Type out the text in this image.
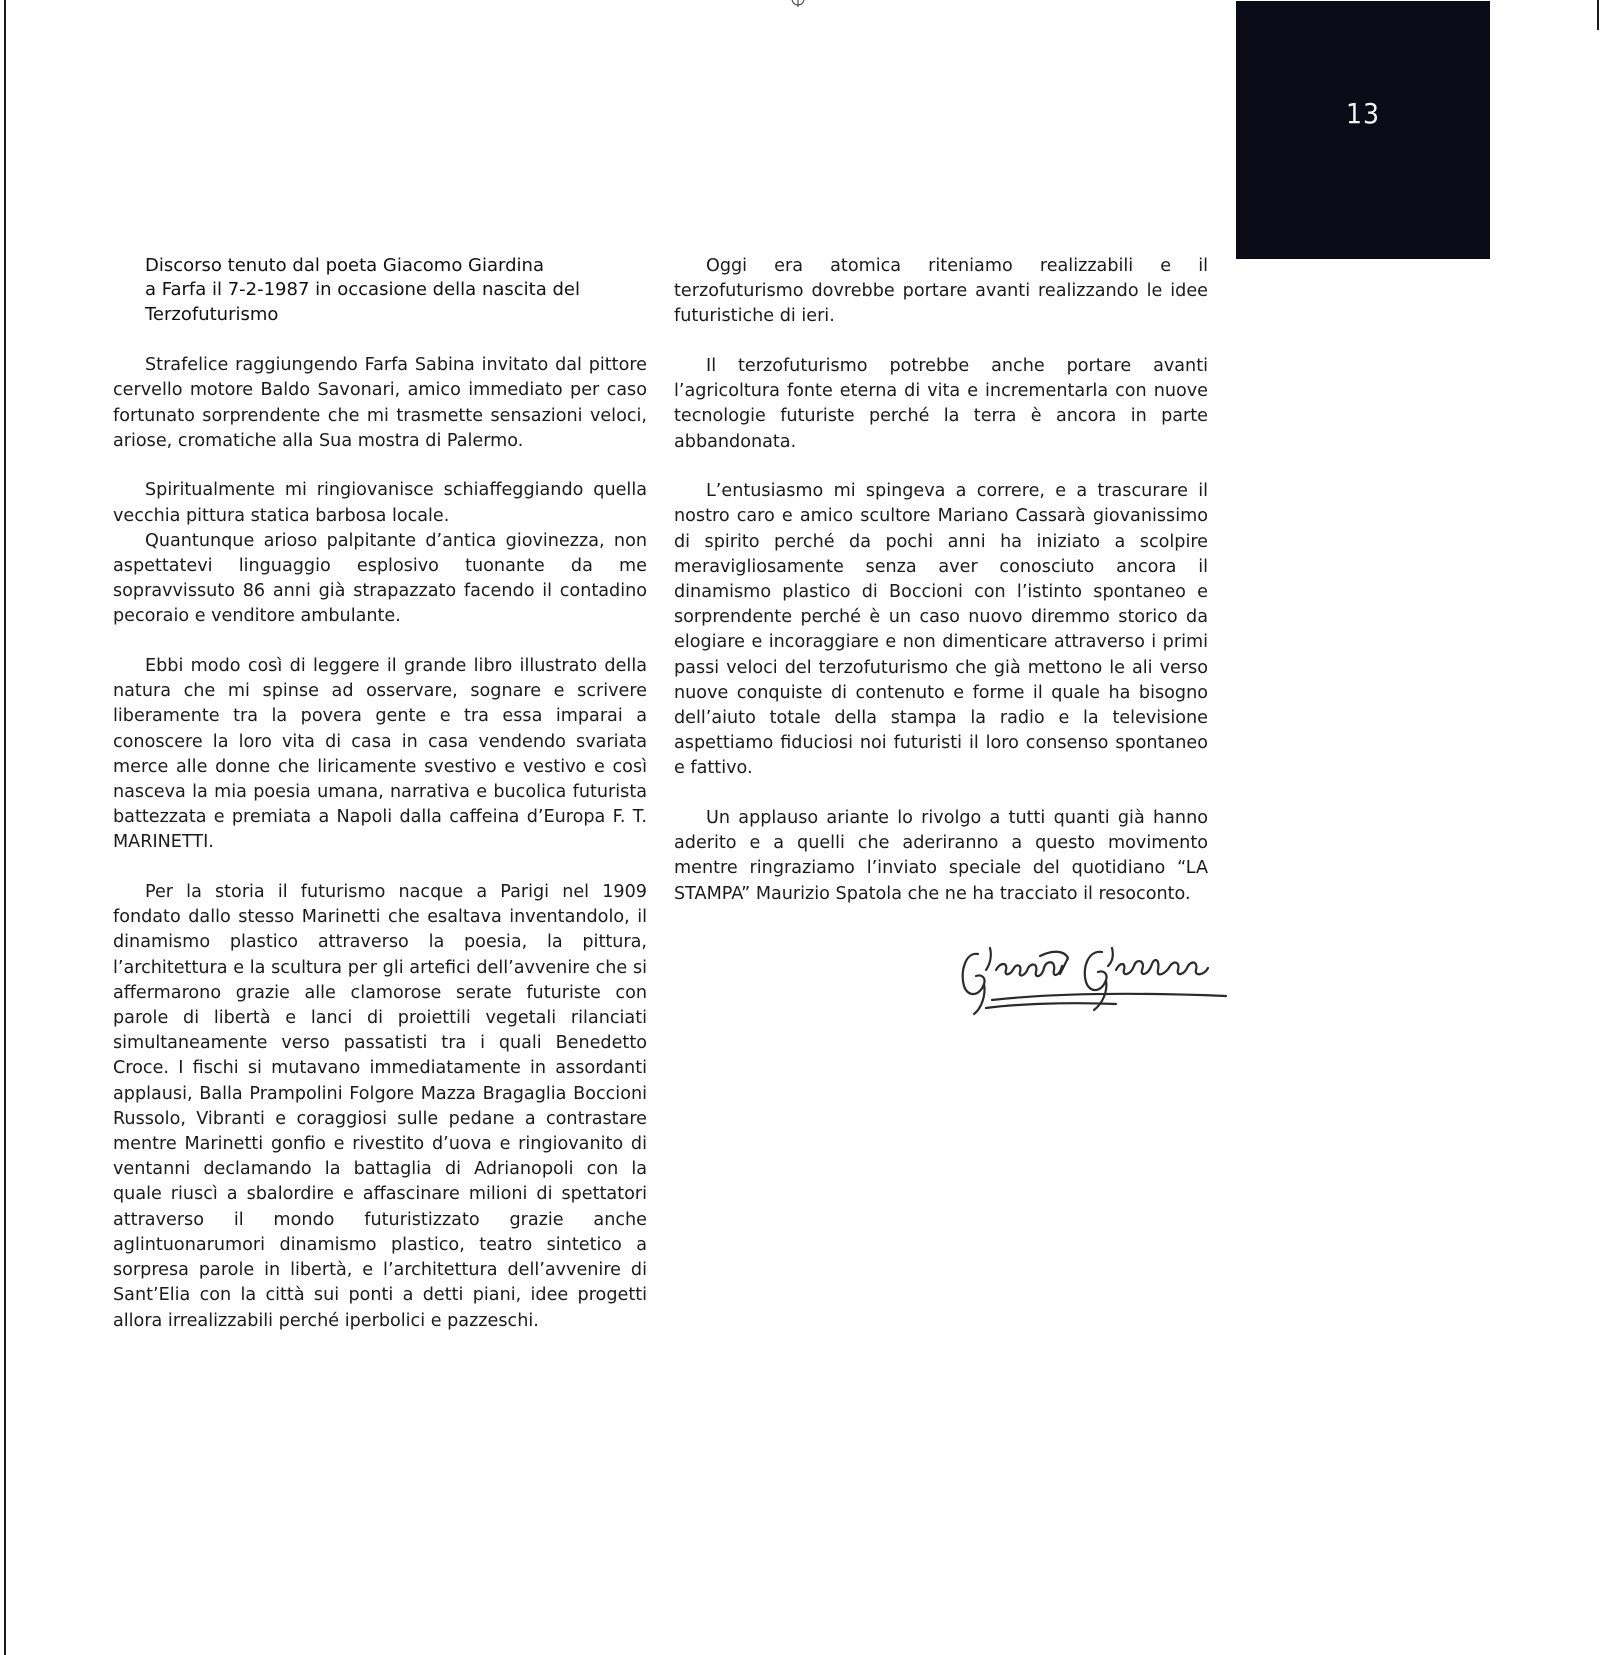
13
Discorso tenuto dal poeta Giacomo Giardina
a Farfa il 7-2-1987 in occasione della nascita del
Terzofuturismo

Strafelice raggiungendo Farfa Sabina invitato dal pittore cervello motore Baldo Savonari, amico immediato per caso fortunato sorprendente che mi trasmette sensazioni veloci, ariose, cromatiche alla Sua mostra di Palermo.

Spiritualmente mi ringiovanisce schiaffeggiando quella vecchia pittura statica barbosa locale.

Quantunque arioso palpitante d’antica giovinezza, non aspettatevi linguaggio esplosivo tuonante da me sopravvissuto 86 anni già strapazzato facendo il contadino pecoraio e venditore ambulante.

Ebbi modo così di leggere il grande libro illustrato della natura che mi spinse ad osservare, sognare e scrivere liberamente tra la povera gente e tra essa imparai a conoscere la loro vita di casa in casa vendendo svariata merce alle donne che liricamente svestivo e vestivo e così nasceva la mia poesia umana, narrativa e bucolica futurista battezzata e premiata a Napoli dalla caffeina d’Europa F. T. MARINETTI.

Per la storia il futurismo nacque a Parigi nel 1909 fondato dallo stesso Marinetti che esaltava inventandolo, il dinamismo plastico attraverso la poesia, la pittura, l’architettura e la scultura per gli artefici dell’avvenire che si affermarono grazie alle clamorose serate futuriste con parole di libertà e lanci di proiettili vegetali rilanciati simultaneamente verso passatisti tra i quali Benedetto Croce. I fischi si mutavano immediatamente in assordanti applausi, Balla Prampolini Folgore Mazza Bragaglia Boccioni Russolo, Vibranti e coraggiosi sulle pedane a contrastare mentre Marinetti gonfio e rivestito d’uova e ringiovanito di ventanni declamando la battaglia di Adrianopoli con la quale riuscì a sbalordire e affascinare milioni di spettatori attraverso il mondo futuristizzato grazie anche aglintuonarumori dinamismo plastico, teatro sintetico a sorpresa parole in libertà, e l’architettura dell’avvenire di Sant’Elia con la città sui ponti a detti piani, idee progetti allora irrealizzabili perché iperbolici e pazzeschi.

Oggi era atomica riteniamo realizzabili e il terzofuturismo dovrebbe portare avanti realizzando le idee futuristiche di ieri.

Il terzofuturismo potrebbe anche portare avanti l’agricoltura fonte eterna di vita e incrementarla con nuove tecnologie futuriste perché la terra è ancora in parte abbandonata.

L’entusiasmo mi spingeva a correre, e a trascurare il nostro caro e amico scultore Mariano Cassarà giovanissimo di spirito perché da pochi anni ha iniziato a scolpire meravigliosamente senza aver conosciuto ancora il dinamismo plastico di Boccioni con l’istinto spontaneo e sorprendente perché è un caso nuovo diremmo storico da elogiare e incoraggiare e non dimenticare attraverso i primi passi veloci del terzofuturismo che già mettono le ali verso nuove conquiste di contenuto e forme il quale ha bisogno dell’aiuto totale della stampa la radio e la televisione aspettiamo fiduciosi noi futuristi il loro consenso spontaneo e fattivo.

Un applauso ariante lo rivolgo a tutti quanti già hanno aderito e a quelli che aderiranno a questo movimento mentre ringraziamo l’inviato speciale del quotidiano “LA STAMPA” Maurizio Spatola che ne ha tracciato il resoconto.
